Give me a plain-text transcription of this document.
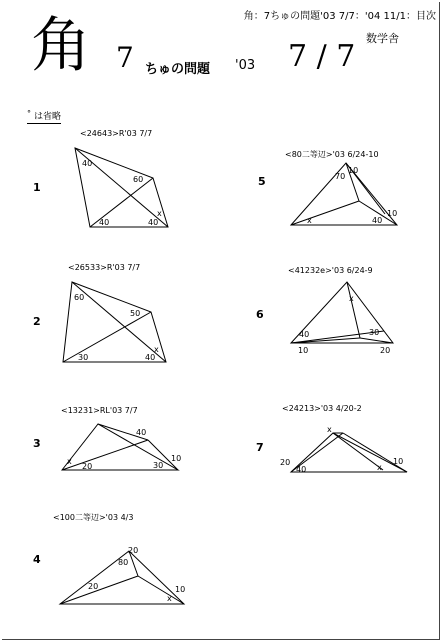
角：7ちゅの問題'03 7/7：'04 11/1：目次
数学舎
角 7 ちゅの問題 '03 7 / 7
° は省略
<24643>R'03 7/7
1
40
60
40	40
x
<26533>R'03 7/7
2
60
50
30	40
x
<13231>RL'03 7/7
3
40
x
20	30
10
<100二等辺>'03 4/3
4
20
80
20	10
x
<80二等辺>'03 6/24-10
5	70
10
x	40
10
<41232e>'03 6/24-9
6
x
40
10
30
20
<24213>'03 4/20-2
7
x
20
40
10
x
